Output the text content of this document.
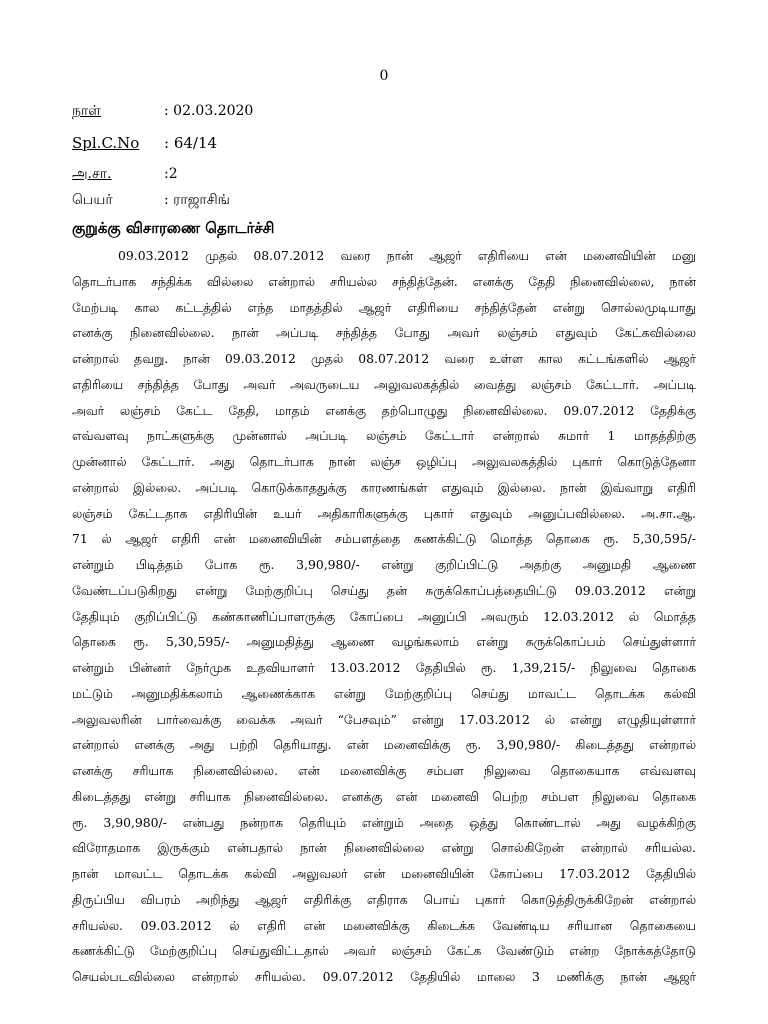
0
நாள்	: 02.03.2020
Spl.C.No : 64/14
அ.சா.	:2
பெயர்	: ராஜாசிங்
குறுக்கு விசாரணை தொடர்ச்சி
09.03.2012 முதல் 08.07.2012 வரை நான் ஆஜர் எதிரியை என் மனைவியின் மனு
தொடர்பாக சந்திக்க வில்லை என்றால் சரியல்ல சந்தித்தேன். எனக்கு தேதி நினைவில்லை, நான்
மேற்படி கால கட்டத்தில் எந்த மாதத்தில் ஆஜர் எதிரியை சந்தித்தேன் என்று சொல்லமுடியாது
எனக்கு நினைவில்லை. நான் அப்படி சந்தித்த போது அவர் லஞ்சம் எதுவும் கேட்கவில்லை
என்றால் தவறு. நான் 09.03.2012 முதல் 08.07.2012 வரை உள்ள கால கட்டங்களில் ஆஜர்
எதிரியை சந்தித்த போது அவர் அவருடைய அலுவலகத்தில் வைத்து லஞ்சம் கேட்டார். அப்படி
அவர் லஞ்சம் கேட்ட தேதி, மாதம் எனக்கு தற்பொழுது நினைவில்லை. 09.07.2012 தேதிக்கு
எவ்வளவு நாட்களுக்கு முன்னால் அப்படி லஞ்சம் கேட்டார் என்றால் சுமார் 1 மாதத்திற்கு
முன்னால் கேட்டார். அது தொடர்பாக நான் லஞ்ச ஒழிப்பு அலுவலகத்தில் புகார் கொடுத்தேனா
என்றால் இல்லை. அப்படி கொடுக்காததுக்கு காரணங்கள் எதுவும் இல்லை. நான் இவ்வாறு எதிரி
லஞ்சம் கேட்டதாக எதிரியின் உயர் அதிகாரிகளுக்கு புகார் எதுவும் அனுப்பவில்லை. அ.சா.ஆ.
71 ல் ஆஜர் எதிரி என் மனைவியின் சம்பளத்தை கணக்கிட்டு மொத்த தொகை ரூ. 5,30,595/-
என்றும் பிடித்தம் போக ரூ. 3,90,980/- என்று குறிப்பிட்டு அதற்கு அனுமதி ஆணை
வேண்டப்படுகிறது என்று மேற்குறிப்பு செய்து தன் சுருக்கொப்பத்தையிட்டு 09.03.2012 என்று
தேதியும் குறிப்பிட்டு கண்காணிப்பாளருக்கு கோப்பை அனுப்பி அவரும் 12.03.2012 ல் மொத்த
தொகை ரூ. 5,30,595/- அனுமதித்து ஆணை வழங்கலாம் என்று சுருக்கொப்பம் செய்துள்ளார்
என்றும் பின்னர் நேர்முக உதவியாளர் 13.03.2012 தேதியில் ரூ. 1,39,215/- நிலுவை தொகை
மட்டும் அனுமதிக்கலாம் ஆணைக்காக என்று மேற்குறிப்பு செய்து மாவட்ட தொடக்க கல்வி
அலுவலரின் பார்வைக்கு வைக்க அவர் “பேசவும்” என்று 17.03.2012 ல் என்று எழுதியுள்ளார்
என்றால் எனக்கு அது பற்றி தெரியாது. என் மனைவிக்கு ரூ. 3,90,980/- கிடைத்தது என்றால்
எனக்கு சரியாக நினைவில்லை. என் மனைவிக்கு சம்பள நிலுவை தொகையாக எவ்வளவு
கிடைத்தது என்று சரியாக நினைவில்லை. எனக்கு என் மனைவி பெற்ற சம்பள நிலுவை தொகை
ரூ. 3,90,980/- என்பது நன்றாக தெரியும் என்றும் அதை ஒத்து கொண்டால் அது வழக்கிற்கு
விரோதமாக இருக்கும் என்பதால் நான் நினைவில்லை என்று சொல்கிறேன் என்றால் சரியல்ல.
நான் மாவட்ட தொடக்க கல்வி அலுவலர் என் மனைவியின் கோப்பை 17.03.2012 தேதியில்
திருப்பிய விபரம் அறிந்து ஆஜர் எதிரிக்கு எதிராக பொய் புகார் கொடுத்திருக்கிறேன் என்றால்
சரியல்ல. 09.03.2012 ல் எதிரி என் மனைவிக்கு கிடைக்க வேண்டிய சரியான தொகையை
கணக்கிட்டு மேற்குறிப்பு செய்துவிட்டதால் அவர் லஞ்சம் கேட்க வேண்டும் என்ற நோக்கத்தோடு
செயல்படவில்லை என்றால் சரியல்ல. 09.07.2012 தேதியில் மாலை 3 மணிக்கு நான் ஆஜர்
